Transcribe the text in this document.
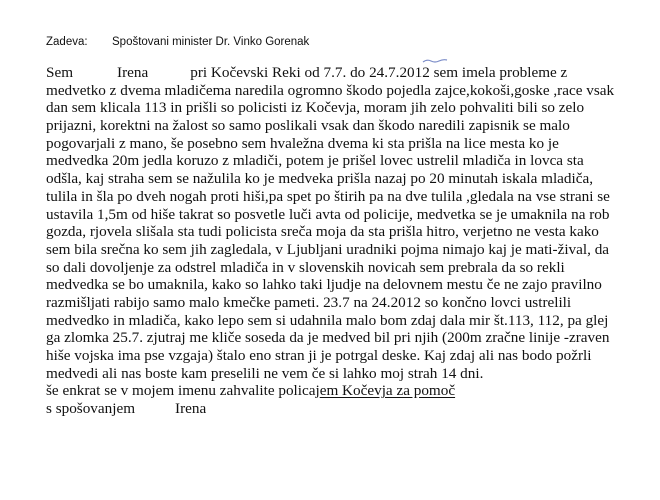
Zadeva: Spoštovani minister Dr. Vinko Gorenak
Sem	Irena	pri Kočevski Reki od 7.7. do 24.7.2012 sem imela probleme z
medvetko z dvema mladičema naredila ogromno škodo pojedla zajce,kokoši,goske ,race vsak
dan sem klicala 113 in prišli so policisti iz Kočevja, moram jih zelo pohvaliti bili so zelo
prijazni, korektni na žalost so samo poslikali vsak dan škodo naredili zapisnik se malo
pogovarjali z mano, še posebno sem hvaležna dvema ki sta prišla na lice mesta ko je
medvedka 20m jedla koruzo z mladiči, potem je prišel lovec ustrelil mladiča in lovca sta
odšla, kaj straha sem se nažulila ko je medveka prišla nazaj po 20 minutah iskala mladiča,
tulila in šla po dveh nogah proti hiši,pa spet po štirih pa na dve tulila ,gledala na vse strani se
ustavila 1,5m od hiše takrat so posvetle luči avta od policije, medvetka se je umaknila na rob
gozda, rjovela slišala sta tudi policista sreča moja da sta prišla hitro, verjetno ne vesta kako
sem bila srečna ko sem jih zagledala, v Ljubljani uradniki pojma nimajo kaj je mati-žival, da
so dali dovoljenje za odstrel mladiča in v slovenskih novicah sem prebrala da so rekli
medvedka se bo umaknila, kako so lahko taki ljudje na delovnem mestu če ne zajo pravilno
razmišljati rabijo samo malo kmečke pameti. 23.7 na 24.2012 so končno lovci ustrelili
medvedko in mladiča, kako lepo sem si udahnila malo bom zdaj dala mir št.113, 112, pa glej
ga zlomka 25.7. zjutraj me kliče soseda da je medved bil pri njih (200m zračne linije -zraven
hiše vojska ima pse vzgaja) štalo eno stran ji je potrgal deske. Kaj zdaj ali nas bodo požrli
medvedi ali nas boste kam preselili ne vem če si lahko moj strah 14 dni.
še enkrat se v mojem imenu zahvalite policajem Kočevja za pomoč
s spošovanjem	Irena
